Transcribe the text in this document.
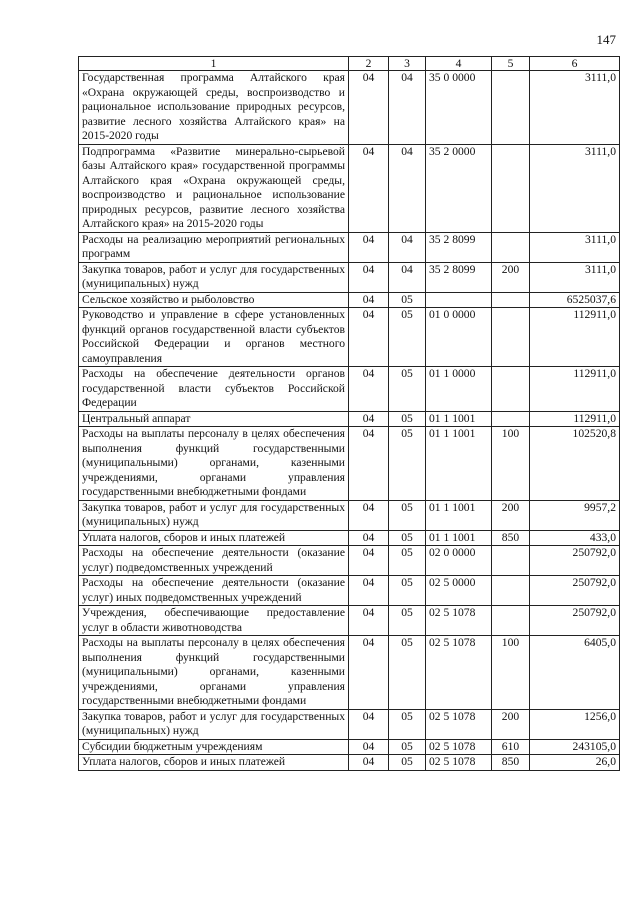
147
1	2	3	4	5	6
Государственная программа Алтайского края «Охрана окружающей среды, воспроизводство и рациональное использование природных ресурсов, развитие лесного хозяйства Алтайского края» на 2015-2020 годы	04	04	35 0 0000		3111,0
Подпрограмма «Развитие минерально-сырьевой базы Алтайского края» государственной программы Алтайского края «Охрана окружающей среды, воспроизводство и рациональное использование природных ресурсов, развитие лесного хозяйства Алтайского края» на 2015-2020 годы	04	04	35 2 0000		3111,0
Расходы на реализацию мероприятий региональных программ	04	04	35 2 8099		3111,0
Закупка товаров, работ и услуг для государственных (муниципальных) нужд	04	04	35 2 8099	200	3111,0
Сельское хозяйство и рыболовство	04	05			6525037,6
Руководство и управление в сфере установленных функций органов государственной власти субъектов Российской Федерации и органов местного самоуправления	04	05	01 0 0000		112911,0
Расходы на обеспечение деятельности органов государственной власти субъектов Российской Федерации	04	05	01 1 0000		112911,0
Центральный аппарат	04	05	01 1 1001		112911,0
Расходы на выплаты персоналу в целях обеспечения выполнения функций государственными (муниципальными) органами, казенными учреждениями, органами управления государственными внебюджетными фондами	04	05	01 1 1001	100	102520,8
Закупка товаров, работ и услуг для государственных (муниципальных) нужд	04	05	01 1 1001	200	9957,2
Уплата налогов, сборов и иных платежей	04	05	01 1 1001	850	433,0
Расходы на обеспечение деятельности (оказание услуг) подведомственных учреждений	04	05	02 0 0000		250792,0
Расходы на обеспечение деятельности (оказание услуг) иных подведомственных учреждений	04	05	02 5 0000		250792,0
Учреждения, обеспечивающие предоставление услуг в области животноводства	04	05	02 5 1078		250792,0
Расходы на выплаты персоналу в целях обеспечения выполнения функций государственными (муниципальными) органами, казенными учреждениями, органами управления государственными внебюджетными фондами	04	05	02 5 1078	100	6405,0
Закупка товаров, работ и услуг для государственных (муниципальных) нужд	04	05	02 5 1078	200	1256,0
Субсидии бюджетным учреждениям	04	05	02 5 1078	610	243105,0
Уплата налогов, сборов и иных платежей	04	05	02 5 1078	850	26,0
